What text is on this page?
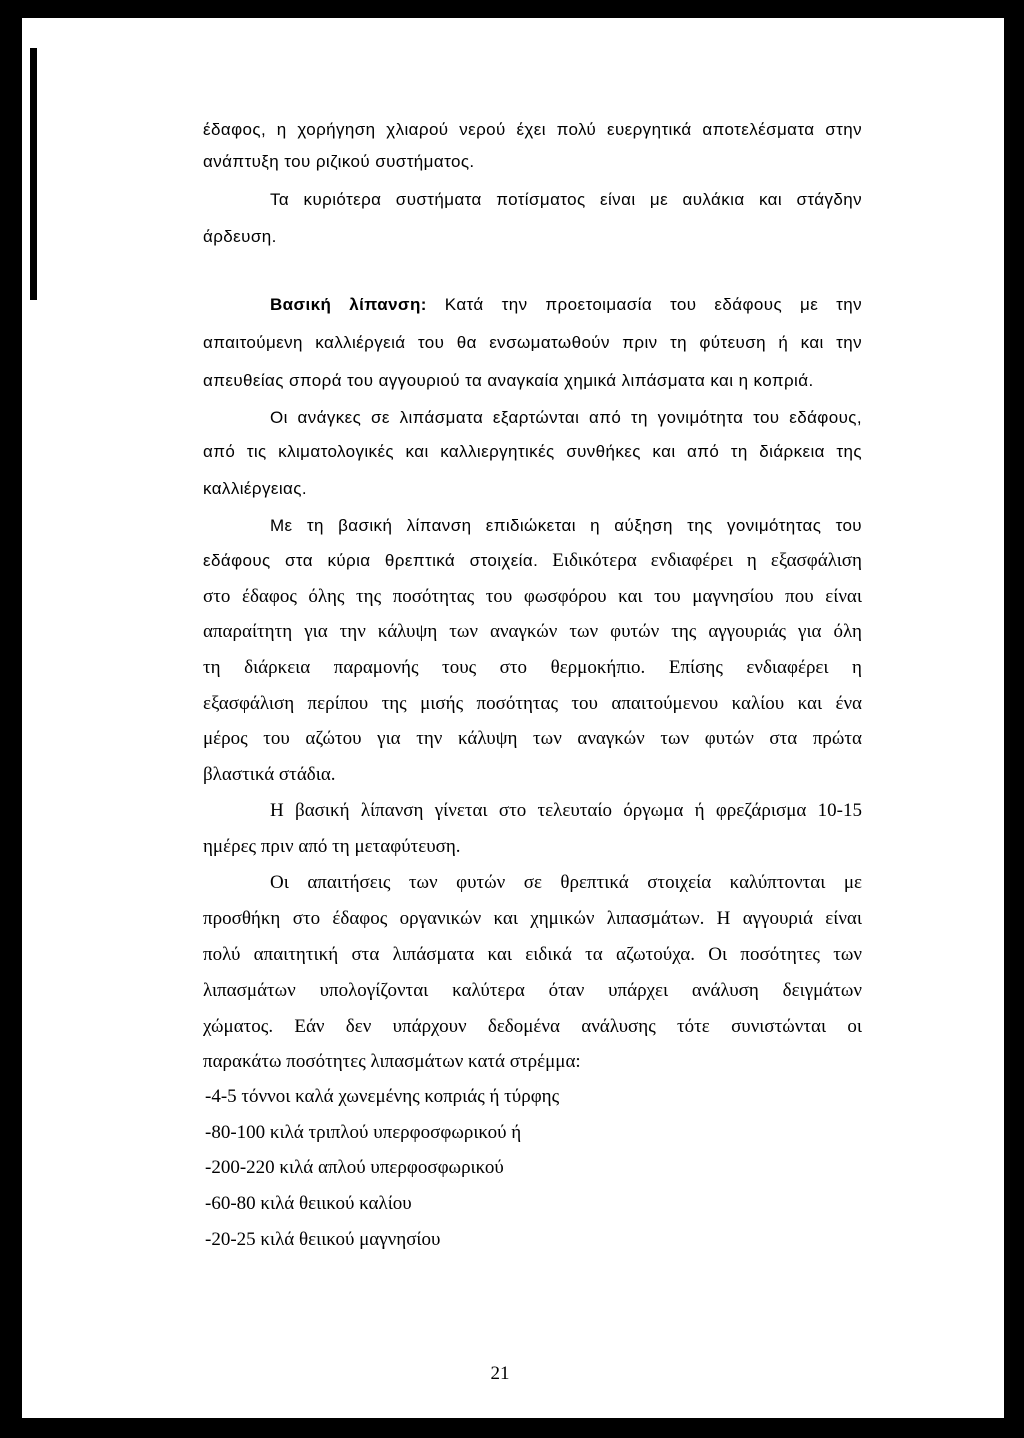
έδαφος, η χορήγηση χλιαρού νερού έχει πολύ ευεργητικά αποτελέσματα στην

ανάπτυξη του ριζικού συστήματος.

Τα κυριότερα συστήματα ποτίσματος είναι με αυλάκια και στάγδην

άρδευση.

Βασική λίπανση: Κατά την προετοιμασία του εδάφους με την

απαιτούμενη καλλιέργειά του θα ενσωματωθούν πριν τη φύτευση ή και την

απευθείας σπορά του αγγουριού τα αναγκαία χημικά λιπάσματα και η κοπριά.

Οι ανάγκες σε λιπάσματα εξαρτώνται από τη γονιμότητα του εδάφους,

από τις κλιματολογικές και καλλιεργητικές συνθήκες και από τη διάρκεια της

καλλιέργειας.

Με τη βασική λίπανση επιδιώκεται η αύξηση της γονιμότητας του

εδάφους στα κύρια θρεπτικά στοιχεία. Ειδικότερα ενδιαφέρει η εξασφάλιση

στο έδαφος όλης της ποσότητας του φωσφόρου και του μαγνησίου που είναι

απαραίτητη για την κάλυψη των αναγκών των φυτών της αγγουριάς για όλη

τη διάρκεια παραμονής τους στο θερμοκήπιο. Επίσης ενδιαφέρει η

εξασφάλιση περίπου της μισής ποσότητας του απαιτούμενου καλίου και ένα

μέρος του αζώτου για την κάλυψη των αναγκών των φυτών στα πρώτα

βλαστικά στάδια.

Η βασική λίπανση γίνεται στο τελευταίο όργωμα ή φρεζάρισμα 10-15

ημέρες πριν από τη μεταφύτευση.

Οι απαιτήσεις των φυτών σε θρεπτικά στοιχεία καλύπτονται με

προσθήκη στο έδαφος οργανικών και χημικών λιπασμάτων. Η αγγουριά είναι

πολύ απαιτητική στα λιπάσματα και ειδικά τα αζωτούχα. Οι ποσότητες των

λιπασμάτων υπολογίζονται καλύτερα όταν υπάρχει ανάλυση δειγμάτων

χώματος. Εάν δεν υπάρχουν δεδομένα ανάλυσης τότε συνιστώνται οι

παρακάτω ποσότητες λιπασμάτων κατά στρέμμα:

-4-5 τόννοι καλά χωνεμένης κοπριάς ή τύρφης

-80-100 κιλά τριπλού υπερφοσφωρικού ή

-200-220 κιλά απλού υπερφοσφωρικού

-60-80 κιλά θειικού καλίου

-20-25 κιλά θειικού μαγνησίου

21
